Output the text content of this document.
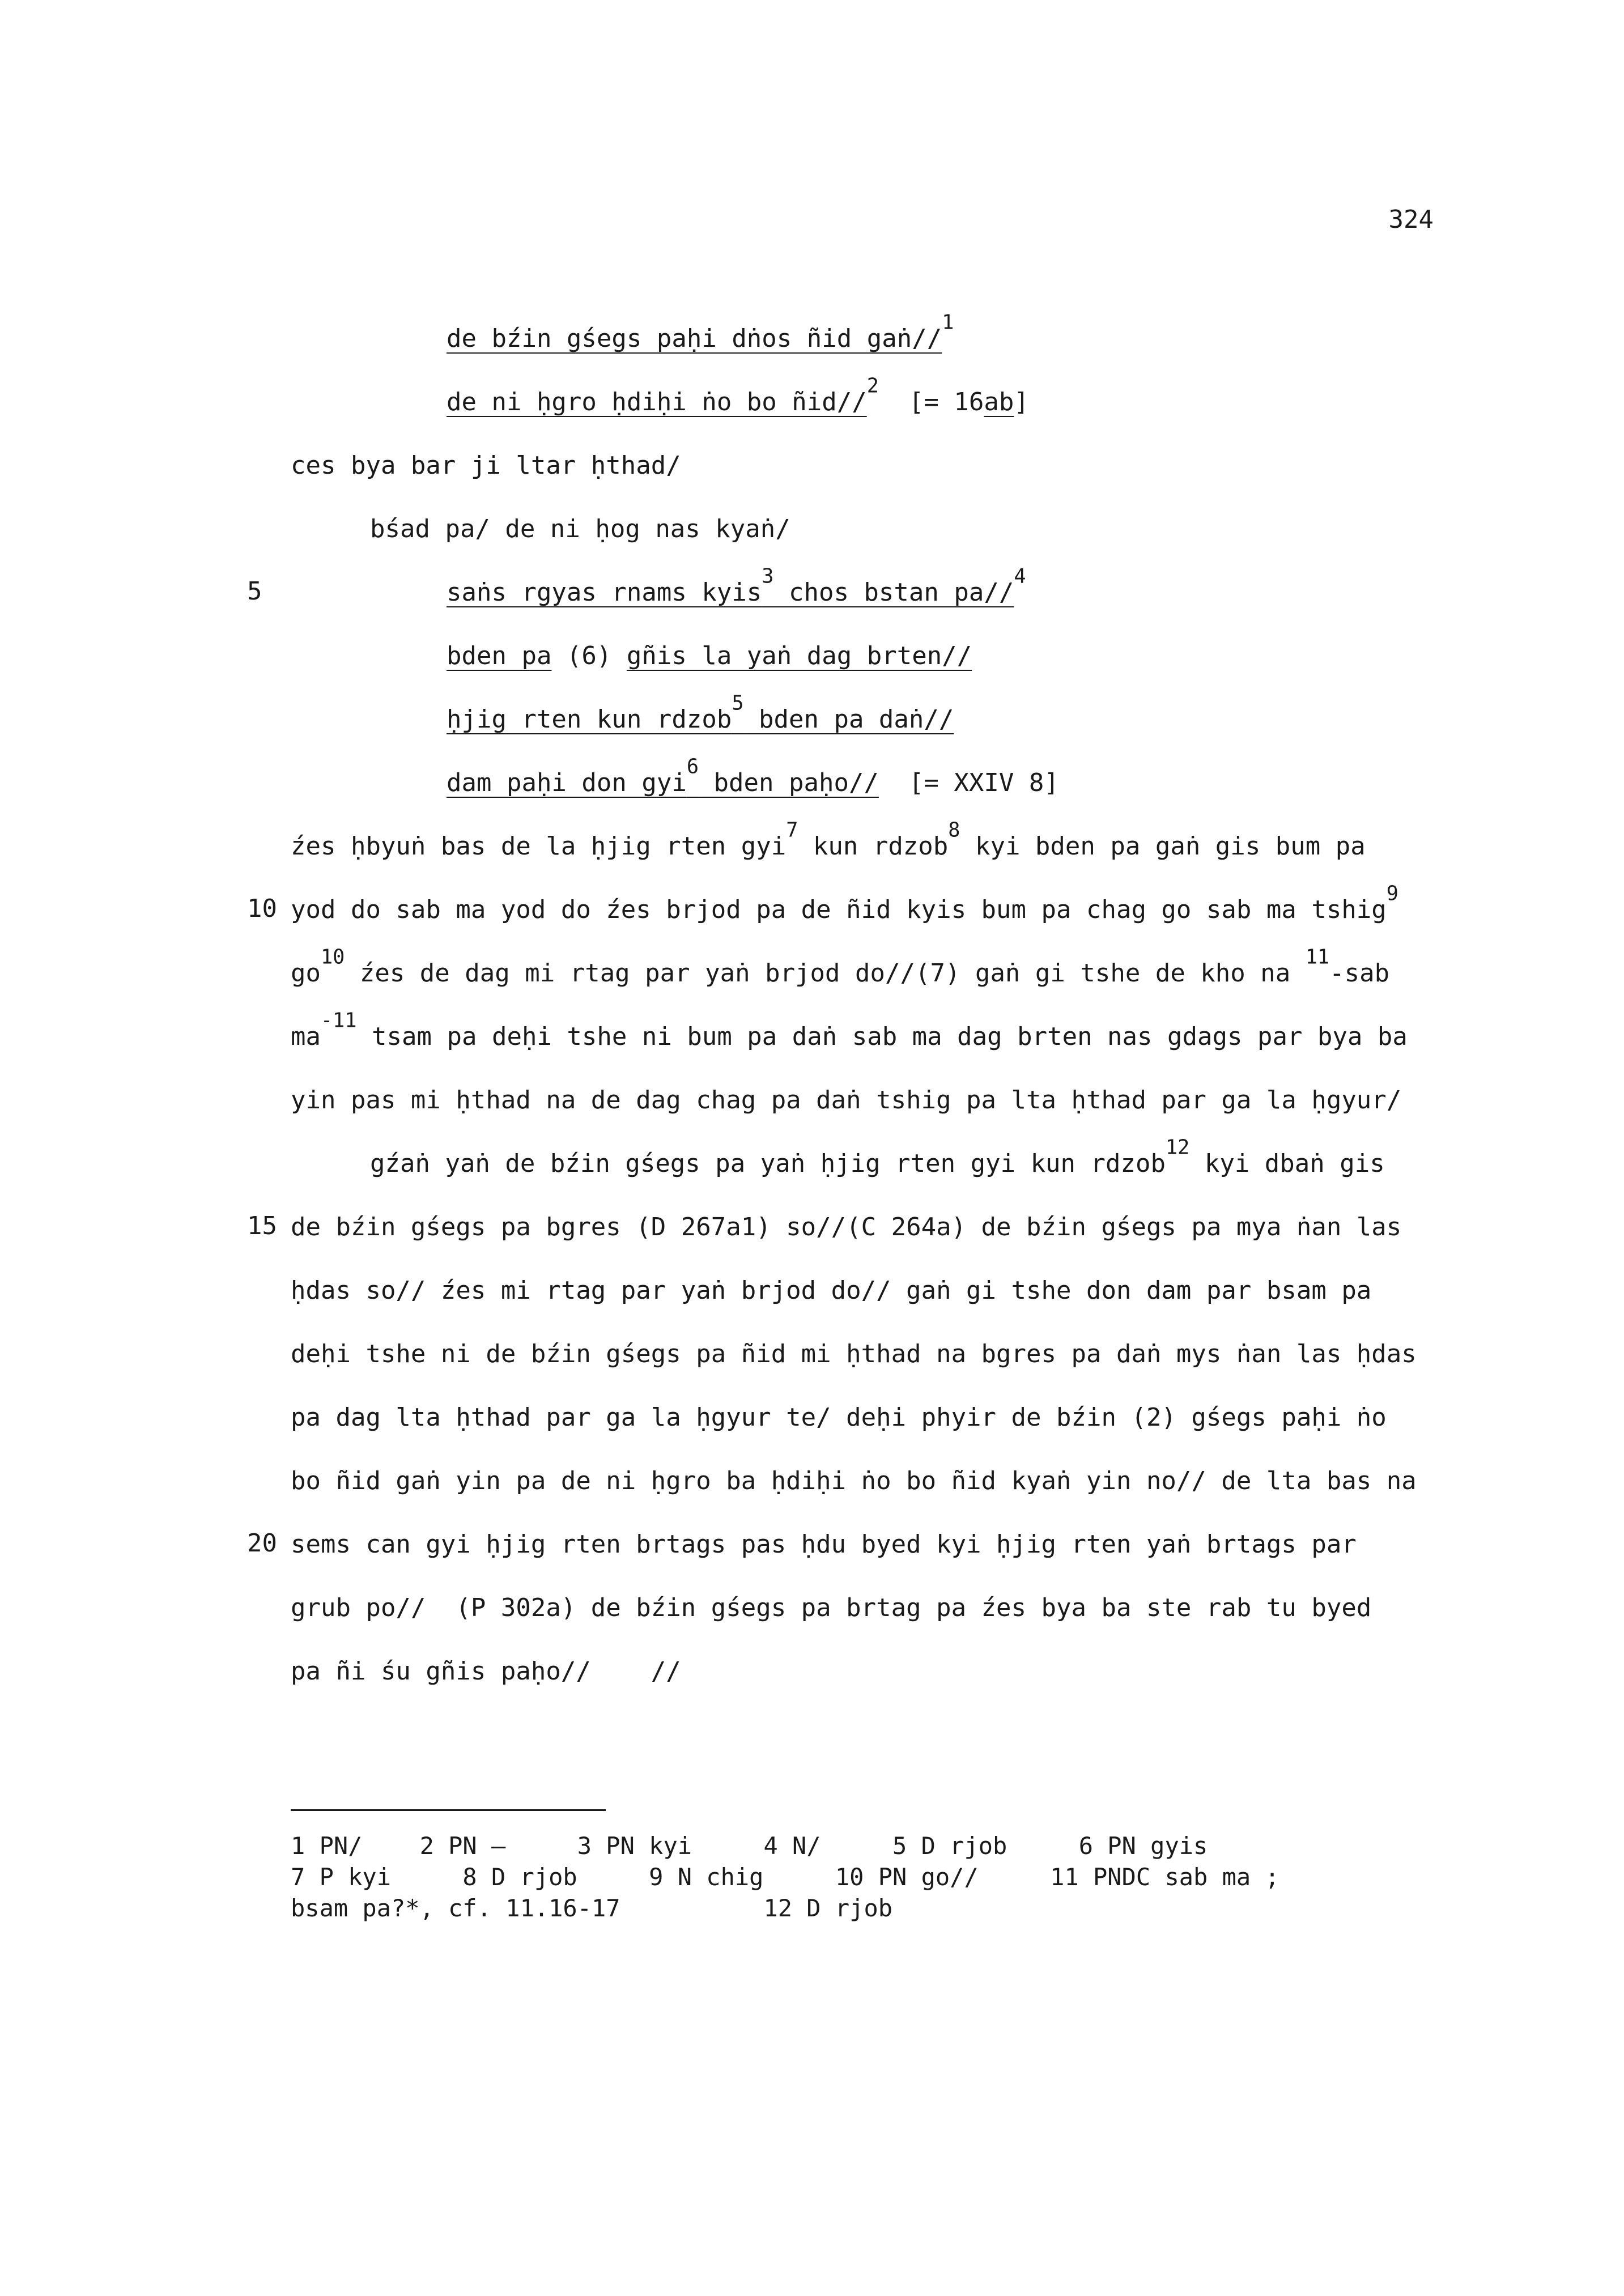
324
de bźin gśegs paḥi dṅos ñid gaṅ//$^1$
de ni ḥgro ḥdiḥi ṅo bo ñid//$^2$  [= 16ab]
ces bya bar ji ltar ḥthad/
bśad pa/ de ni ḥog nas kyaṅ/
5	saṅs rgyas rnams kyis$^3$ chos bstan pa//$^4$
bden pa (6) gñis la yaṅ dag brten//
ḥjig rten kun rdzob$^5$ bden pa daṅ//
dam paḥi don gyi$^6$ bden paḥo// [= XXIV 8]
źes ḥbyuṅ bas de la ḥjig rten gyi$^7$ kun rdzob$^8$ kyi bden pa gaṅ gis bum pa
10 yod do sab ma yod do źes brjod pa de ñid kyis bum pa chag go sab ma tshig$^9$
$go^{10}$ źes de dag mi rtag par yaṅ brjod do//(7) gaṅ gi tshe de kho na $^{11}$-sab
$ma^{-11}$ tsam pa deḥi tshe ni bum pa daṅ sab ma dag brten nas gdags par bya ba
yin pas mi ḥthad na de dag chag pa daṅ tshig pa lta ḥthad par ga la ḥgyur/
gźaṅ yaṅ de bźin gśegs pa yaṅ ḥjig rten gyi kun rdzob$^{12}$ kyi dbaṅ gis
15 de bźin gśegs pa bgres (D 267a1) so//(C 264a) de bźin gśegs pa mya ṅan las
ḥdas so// źes mi rtag par yaṅ brjod do// gaṅ gi tshe don dam par bsam pa
deḥi tshe ni de bźin gśegs pa ñid mi ḥthad na bgres pa daṅ mys ṅan las ḥdas
pa dag lta ḥthad par ga la ḥgyur te/ deḥi phyir de bźin (2) gśegs paḥi ṅo
bo ñid gaṅ yin pa de ni ḥgro ba ḥdiḥi ṅo bo ñid kyaṅ yin no// de lta bas na
20 sems can gyi ḥjig rten brtags pas ḥdu byed kyi ḥjig rten yaṅ brtags par
grub po//  (P 302a) de bźin gśegs pa brtag pa źes bya ba ste rab tu byed
pa ñi śu gñis paḥo//    //
1 PN/    2 PN —     3 PN kyi     4 N/     5 D rjob     6 PN gyis
7 P kyi     8 D rjob     9 N chig     10 PN go//     11 PNDC sab ma ;
bsam pa?*, cf. 11.16-17          12 D rjob
